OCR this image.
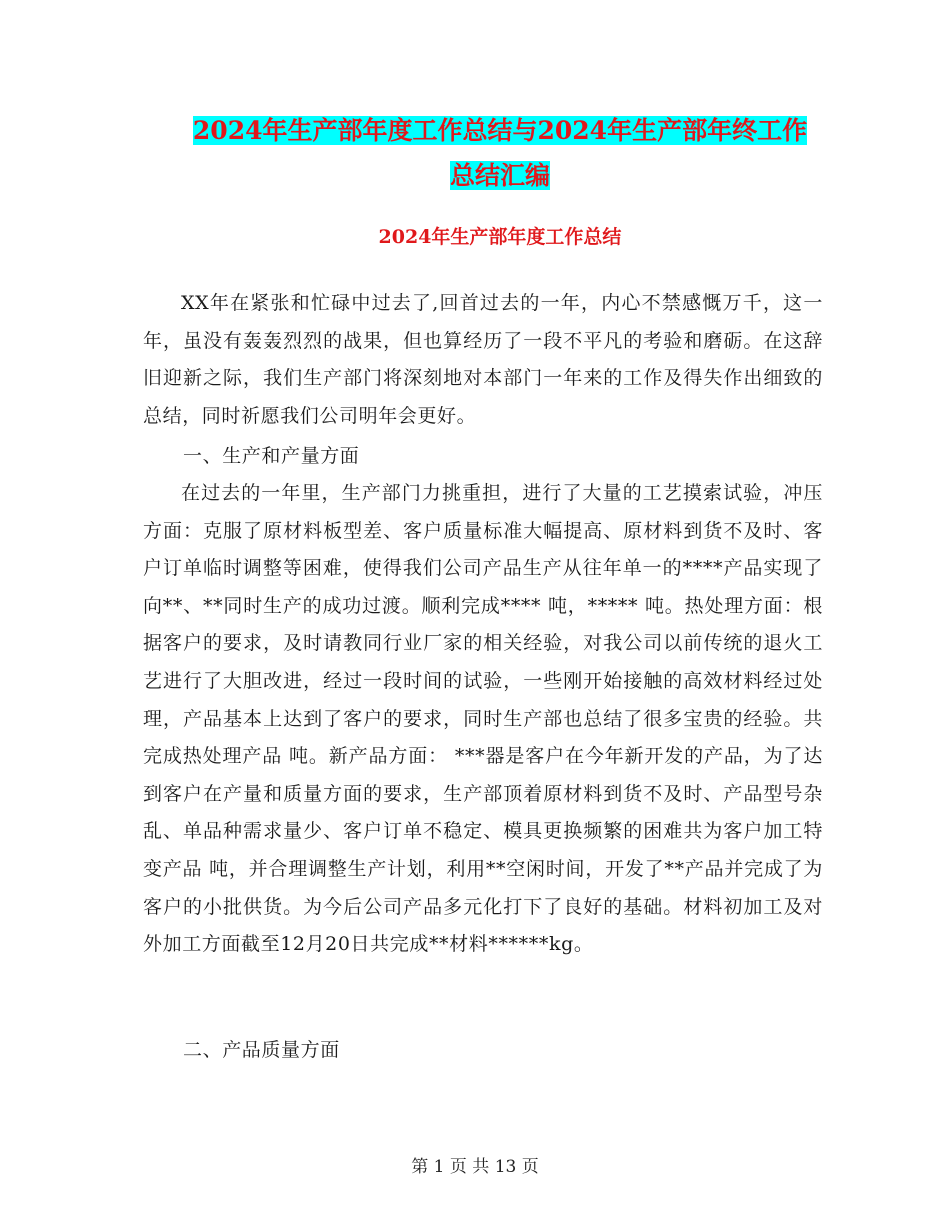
2024年生产部年度工作总结与2024年生产部年终工作
总结汇编
2024年生产部年度工作总结

XX年在紧张和忙碌中过去了,回首过去的一年，内心不禁感慨万千，这一年，虽没有轰轰烈烈的战果，但也算经历了一段不平凡的考验和磨砺。在这辞旧迎新之际，我们生产部门将深刻地对本部门一年来的工作及得失作出细致的总结，同时祈愿我们公司明年会更好。

一、生产和产量方面

在过去的一年里，生产部门力挑重担，进行了大量的工艺摸索试验，冲压方面：克服了原材料板型差、客户质量标准大幅提高、原材料到货不及时、客户订单临时调整等困难，使得我们公司产品生产从往年单一的****产品实现了向**、**同时生产的成功过渡。顺利完成**** 吨，***** 吨。热处理方面：根据客户的要求，及时请教同行业厂家的相关经验，对我公司以前传统的退火工艺进行了大胆改进，经过一段时间的试验，一些刚开始接触的高效材料经过处理，产品基本上达到了客户的要求，同时生产部也总结了很多宝贵的经验。共完成热处理产品 吨。新产品方面： ***器是客户在今年新开发的产品，为了达到客户在产量和质量方面的要求，生产部顶着原材料到货不及时、产品型号杂乱、单品种需求量少、客户订单不稳定、模具更换频繁的困难共为客户加工特变产品 吨，并合理调整生产计划，利用**空闲时间，开发了**产品并完成了为客户的小批供货。为今后公司产品多元化打下了良好的基础。材料初加工及对外加工方面截至12月20日共完成**材料******kg。

二、产品质量方面
第 1 页 共 13 页
